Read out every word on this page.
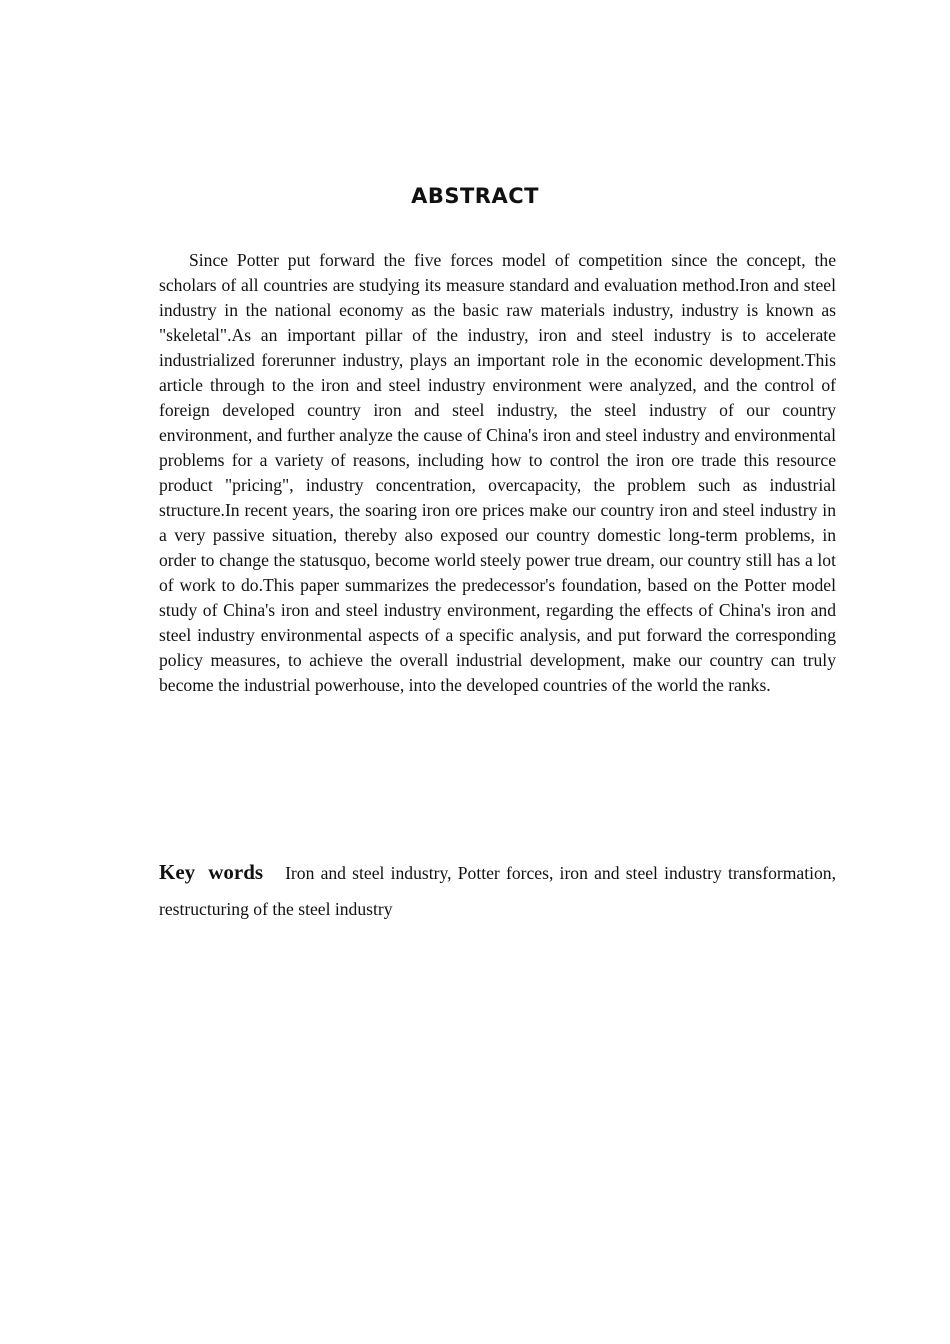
ABSTRACT

Since Potter put forward the five forces model of competition since the concept, the scholars of all countries are studying its measure standard and evaluation method.Iron and steel industry in the national economy as the basic raw materials industry, industry is known as "skeletal".As an important pillar of the industry, iron and steel industry is to accelerate industrialized forerunner industry, plays an important role in the economic development.This article through to the iron and steel industry environment were analyzed, and the control of foreign developed country iron and steel industry, the steel industry of our country environment, and further analyze the cause of China's iron and steel industry and environmental problems for a variety of reasons, including how to control the iron ore trade this resource product "pricing", industry concentration, overcapacity, the problem such as industrial structure.In recent years, the soaring iron ore prices make our country iron and steel industry in a very passive situation, thereby also exposed our country domestic long-term problems, in order to change the statusquo, become world steely power true dream, our country still has a lot of work to do.This paper summarizes the predecessor's foundation, based on the Potter model study of China's iron and steel industry environment, regarding the effects of China's iron and steel industry environmental aspects of a specific analysis, and put forward the corresponding policy measures, to achieve the overall industrial development, make our country can truly become the industrial powerhouse, into the developed countries of the world the ranks.

Key words Iron and steel industry, Potter forces, iron and steel industry transformation, restructuring of the steel industry
